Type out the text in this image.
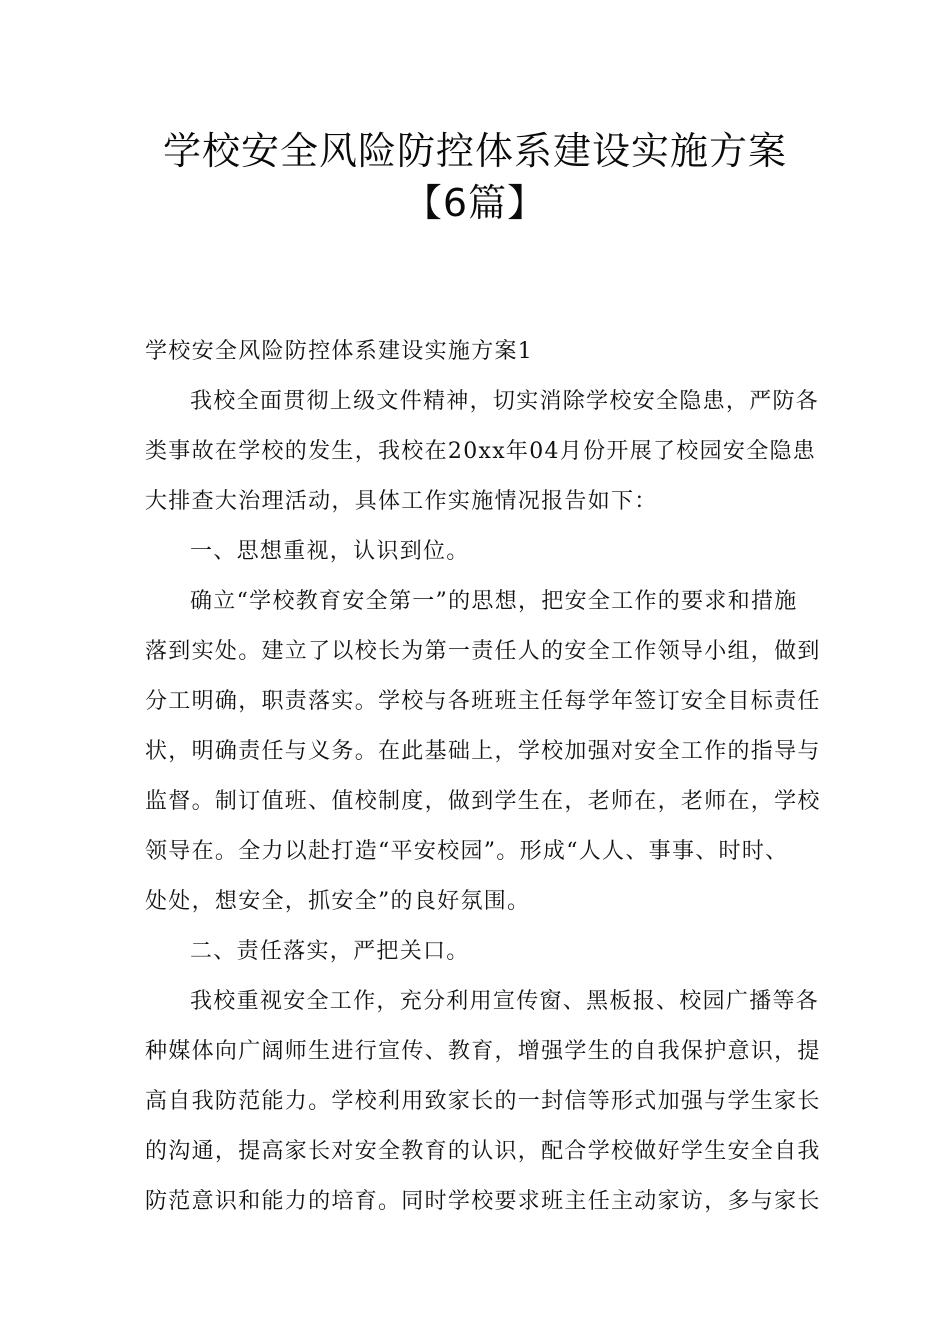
学校安全风险防控体系建设实施方案
【6篇】
学校安全风险防控体系建设实施方案1
我校全面贯彻上级文件精神，切实消除学校安全隐患，严防各
类事故在学校的发生，我校在20xx年04月份开展了校园安全隐患
大排查大治理活动，具体工作实施情况报告如下：
一、思想重视，认识到位。
确立“学校教育安全第一”的思想，把安全工作的要求和措施
落到实处。建立了以校长为第一责任人的安全工作领导小组，做到
分工明确，职责落实。学校与各班班主任每学年签订安全目标责任
状，明确责任与义务。在此基础上，学校加强对安全工作的指导与
监督。制订值班、值校制度，做到学生在，老师在，老师在，学校
领导在。全力以赴打造“平安校园”。形成“人人、事事、时时、
处处，想安全，抓安全”的良好氛围。
二、责任落实，严把关口。
我校重视安全工作，充分利用宣传窗、黑板报、校园广播等各
种媒体向广阔师生进行宣传、教育，增强学生的自我保护意识，提
高自我防范能力。学校利用致家长的一封信等形式加强与学生家长
的沟通，提高家长对安全教育的认识，配合学校做好学生安全自我
防范意识和能力的培育。同时学校要求班主任主动家访，多与家长
